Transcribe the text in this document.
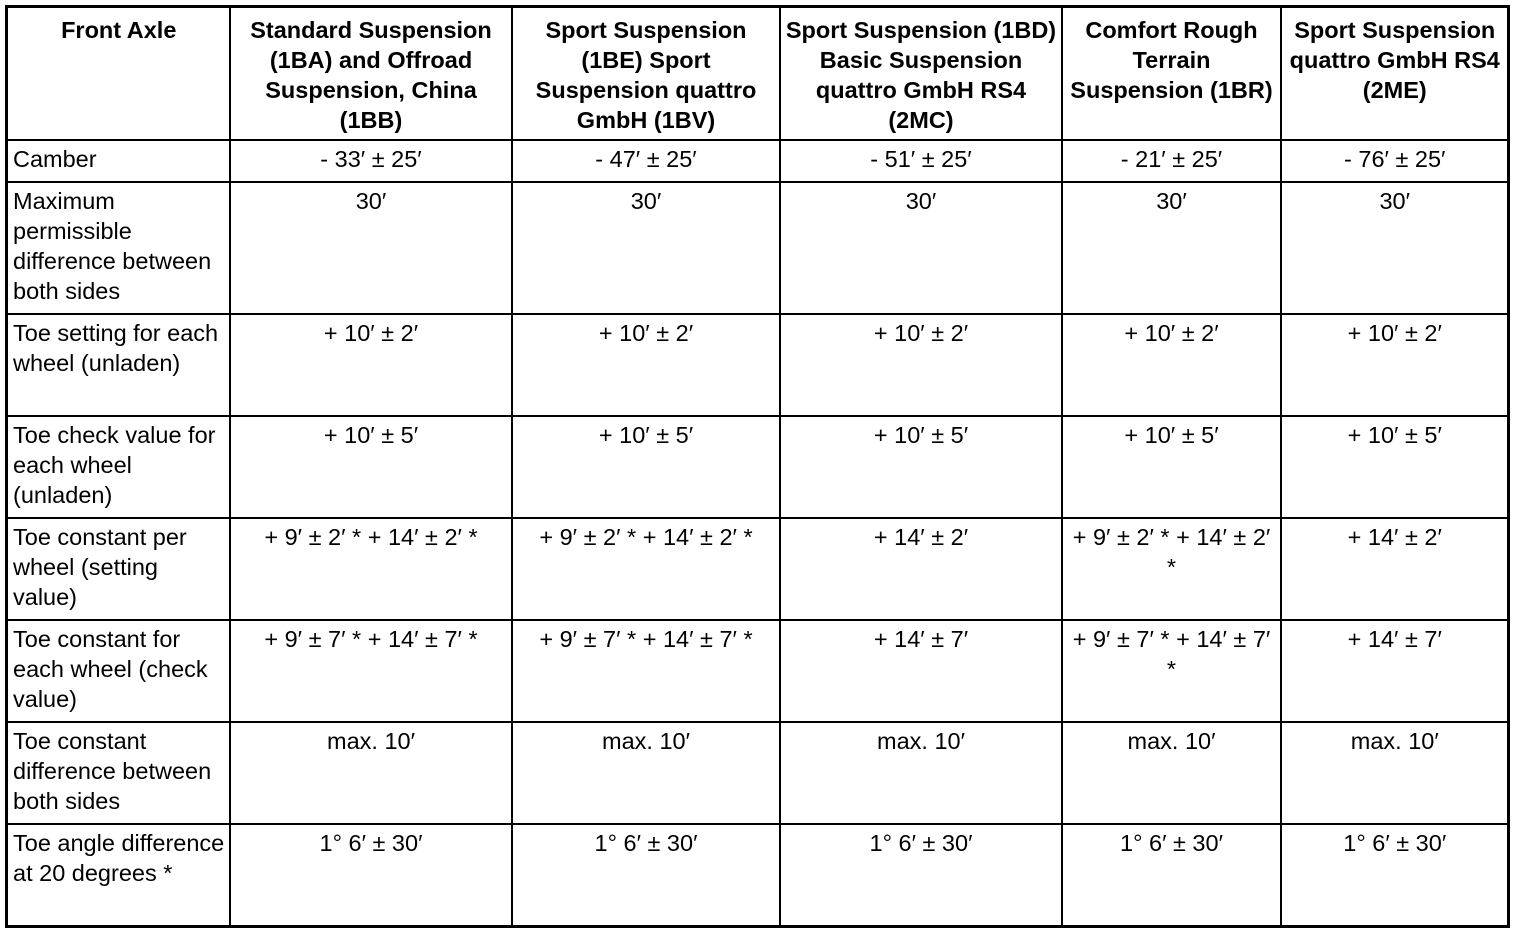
Front Axle	Standard Suspension (1BA) and Offroad Suspension, China (1BB)	Sport Suspension (1BE) Sport Suspension quattro GmbH (1BV)	Sport Suspension (1BD) Basic Suspension quattro GmbH RS4 (2MC)	Comfort Rough Terrain Suspension (1BR)	Sport Suspension quattro GmbH RS4 (2ME)
Camber	- 33′ ± 25′	- 47′ ± 25′	- 51′ ± 25′	- 21′ ± 25′	- 76′ ± 25′
Maximum permissible difference between both sides	30′	30′	30′	30′	30′
Toe setting for each wheel (unladen)	+ 10′ ± 2′	+ 10′ ± 2′	+ 10′ ± 2′	+ 10′ ± 2′	+ 10′ ± 2′
Toe check value for each wheel (unladen)	+ 10′ ± 5′	+ 10′ ± 5′	+ 10′ ± 5′	+ 10′ ± 5′	+ 10′ ± 5′
Toe constant per wheel (setting value)	+ 9′ ± 2′ * + 14′ ± 2′ *	+ 9′ ± 2′ * + 14′ ± 2′ *	+ 14′ ± 2′	+ 9′ ± 2′ * + 14′ ± 2′ *	+ 14′ ± 2′
Toe constant for each wheel (check value)	+ 9′ ± 7′ * + 14′ ± 7′ *	+ 9′ ± 7′ * + 14′ ± 7′ *	+ 14′ ± 7′	+ 9′ ± 7′ * + 14′ ± 7′ *	+ 14′ ± 7′
Toe constant difference between both sides	max. 10′	max. 10′	max. 10′	max. 10′	max. 10′
Toe angle difference at 20 degrees *	1° 6′ ± 30′	1° 6′ ± 30′	1° 6′ ± 30′	1° 6′ ± 30′	1° 6′ ± 30′
